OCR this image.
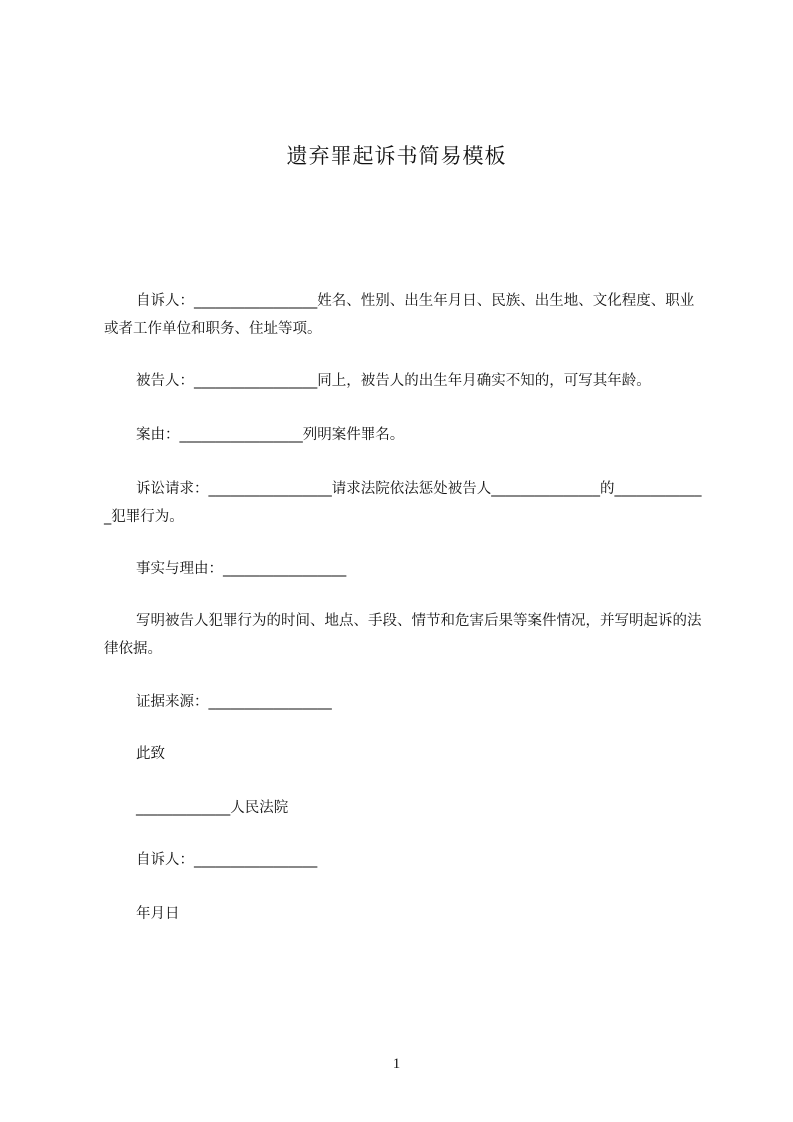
遗弃罪起诉书简易模板
自诉人：_________________姓名、性别、出生年月日、民族、出生地、文化程度、职业或者工作单位和职务、住址等项。
被告人：_________________同上，被告人的出生年月确实不知的，可写其年龄。
案由：_________________列明案件罪名。
诉讼请求：_________________请求法院依法惩处被告人_______________的_____________犯罪行为。
事实与理由：_________________
写明被告人犯罪行为的时间、地点、手段、情节和危害后果等案件情况，并写明起诉的法律依据。
证据来源：_________________
此致
_____________人民法院
自诉人：_________________
年月日
1
